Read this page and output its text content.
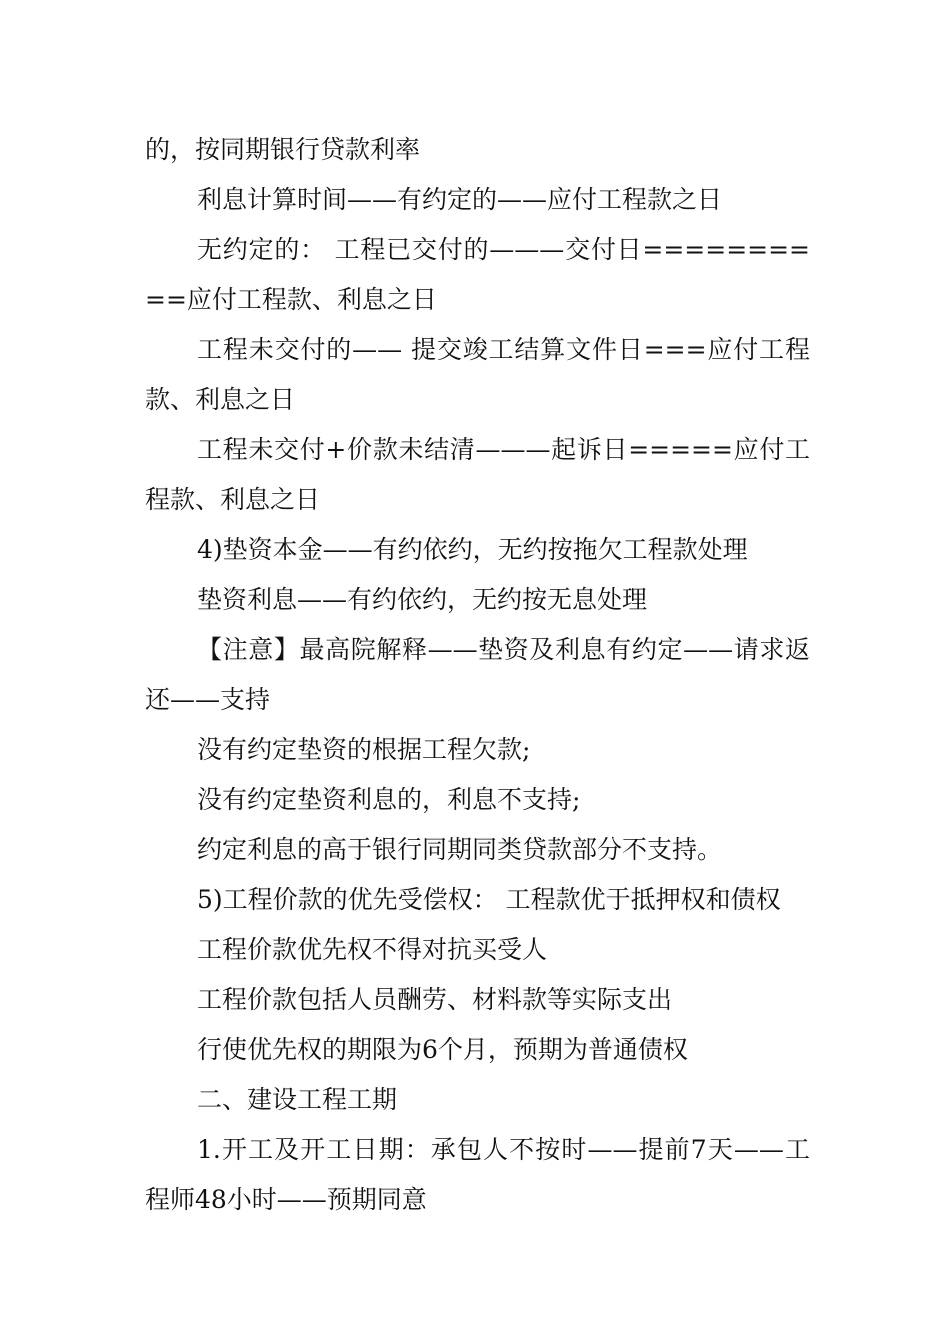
的，按同期银行贷款利率

利息计算时间——有约定的——应付工程款之日

无约定的： 工程已交付的———交付日==========应付工程款、利息之日

工程未交付的—— 提交竣工结算文件日===应付工程款、利息之日

工程未交付+价款未结清———起诉日=====应付工程款、利息之日

4)垫资本金——有约依约，无约按拖欠工程款处理

垫资利息——有约依约，无约按无息处理

【注意】最高院解释——垫资及利息有约定——请求返还——支持

没有约定垫资的根据工程欠款;

没有约定垫资利息的，利息不支持;

约定利息的高于银行同期同类贷款部分不支持。

5)工程价款的优先受偿权： 工程款优于抵押权和债权

工程价款优先权不得对抗买受人

工程价款包括人员酬劳、材料款等实际支出

行使优先权的期限为6个月，预期为普通债权

二、建设工程工期

1.开工及开工日期：承包人不按时——提前7天——工程师48小时——预期同意
